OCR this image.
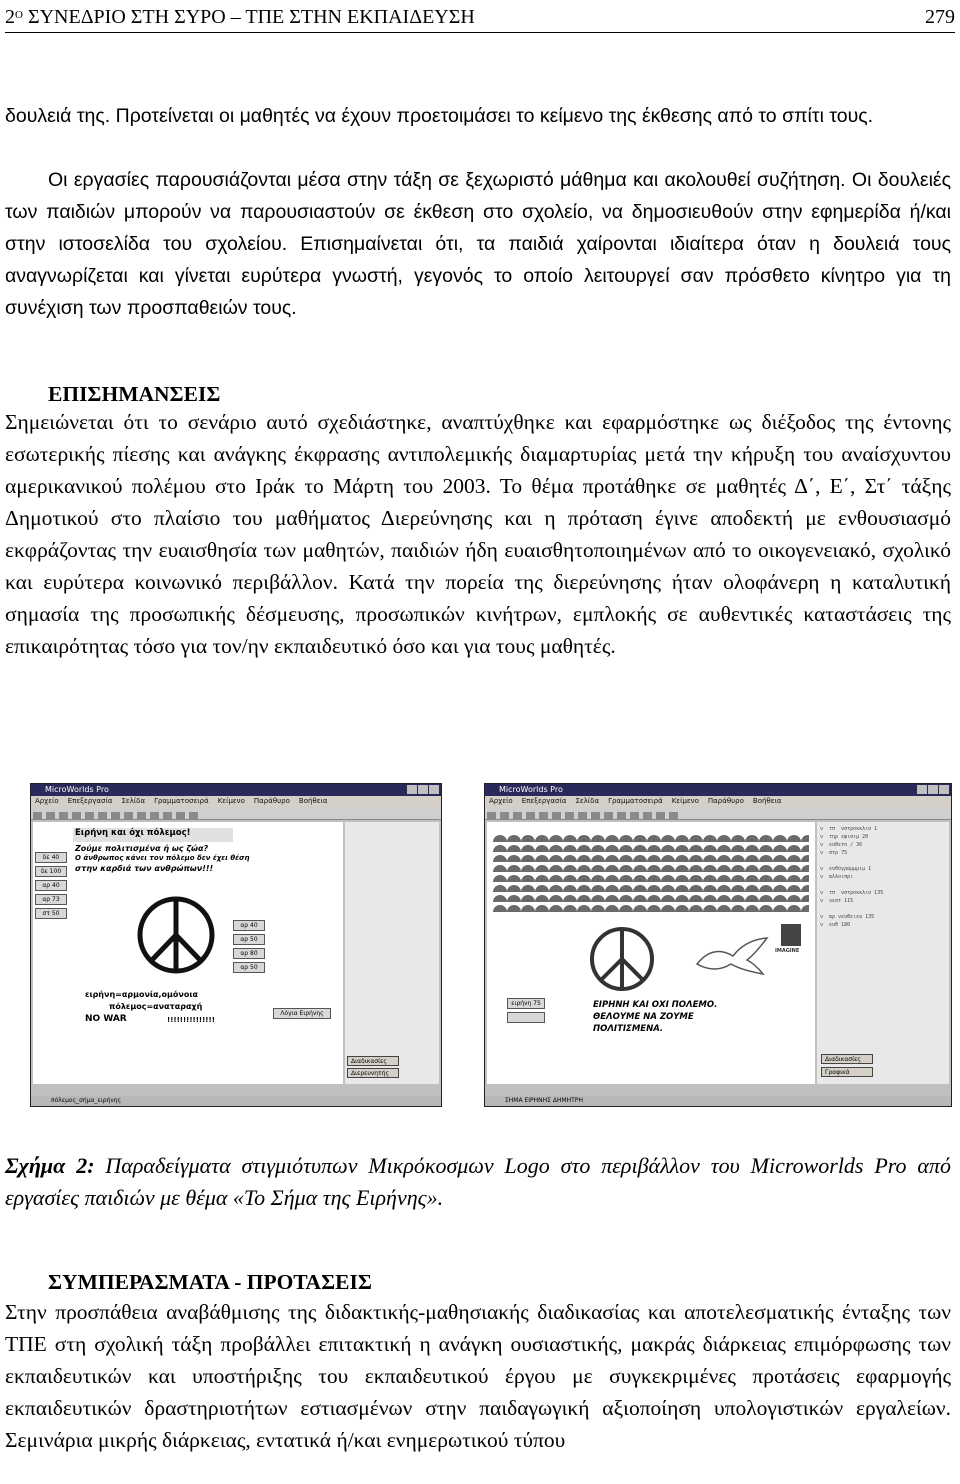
$2^O$ ΣΥΝΕΔΡΙΟ ΣΤΗ ΣΥΡΟ – ΤΠΕ ΣΤΗΝ ΕΚΠΑΙΔΕΥΣΗ	279

δουλειά της. Προτείνεται οι μαθητές να έχουν προετοιμάσει το κείμενο της έκθεσης από το σπίτι τους.

Οι εργασίες παρουσιάζονται μέσα στην τάξη σε ξεχωριστό μάθημα και ακολουθεί συζήτηση. Οι δουλειές των παιδιών μπορούν να παρουσιαστούν σε έκθεση στο σχολείο, να δημοσιευθούν στην εφημερίδα ή/και στην ιστοσελίδα του σχολείου. Επισημαίνεται ότι, τα παιδιά χαίρονται ιδιαίτερα όταν η δουλειά τους αναγνωρίζεται και γίνεται ευρύτερα γνωστή, γεγονός το οποίο λειτουργεί σαν πρόσθετο κίνητρο για τη συνέχιση των προσπαθειών τους.

ΕΠΙΣΗΜΑΝΣΕΙΣ

Σημειώνεται ότι το σενάριο αυτό σχεδιάστηκε, αναπτύχθηκε και εφαρμόστηκε ως διέξοδος της έντονης εσωτερικής πίεσης και ανάγκης έκφρασης αντιπολεμικής διαμαρτυρίας μετά την κήρυξη του αναίσχυντου αμερικανικού πολέμου στο Ιράκ το Μάρτη του 2003. Το θέμα προτάθηκε σε μαθητές Δ΄, Ε΄, Στ΄ τάξης Δημοτικού στο πλαίσιο του μαθήματος Διερεύνησης και η πρόταση έγινε αποδεκτή με ενθουσιασμό εκφράζοντας την ευαισθησία των μαθητών, παιδιών ήδη ευαισθητοποιημένων από το οικογενειακό, σχολικό και ευρύτερα κοινωνικό περιβάλλον. Κατά την πορεία της διερεύνησης ήταν ολοφάνερη η καταλυτική σημασία της προσωπικής δέσμευσης, προσωπικών κινήτρων, εμπλοκής σε αυθεντικές καταστάσεις της επικαιρότητας τόσο για τον/ην εκπαιδευτικό όσο και για τους μαθητές.

MicroWorlds Pro
Αρχείο Επεξεργασία Σελίδα Γραμματοσειρά Κείμενο Παράθυρο Βοήθεια
Ειρήνη και όχι πόλεμος!
Ζούμε πολιτισμένα ή ως ζώα?
Ο άνθρωπος κάνει τον πόλεμο δεν έχει θέση
στην καρδιά των ανθρώπων!!!
ειρήνη=αρμονία,ομόνοια
πόλεμος=αναταραχή
NO WAR	!!!!!!!!!!!!!!!
δε 40
δε 100
αρ 40
αρ 73
στ 50
αρ 40
αρ 50
αρ 80
αρ 50
Λόγια Ειρήνης
Διαδικασίες
Διερευνητής
πόλεμος_σήμα_ειρήνης
MicroWorlds Pro
Αρχείο Επεξεργασία Σελίδα Γραμματοσειρά Κείμενο Παράθυρο Βοήθεια
ειρήνη 75	ΕΙΡΗΝΗ ΚΑΙ ΟΧΙ ΠΟΛΕΜΟ.
ΘΕΛΟΥΜΕ ΝΑ ΖΟΥΜΕ
ΠΟΛΙΤΙΣΜΕΝΑ.
IMAGINE
ν  τπ  νστροκκλιο 1
ν  τηρ εφισιμ 20
ν  ευθετο / 36
ν  στρ 75

ν  ευθύγραμμμιμ 1
ν  αλλοιπρι

ν  τπ  νστροκκλιο 135
ν  νεστ 115

ν  αρ νευθειευ 135
ν  ευθ 180
Διαδικασίες
Γραφικά
ΣΗΜΑ ΕΙΡΗΝΗΣ ΔΗΜΗΤΡΗ

Σχήμα 2: Παραδείγματα στιγμιότυπων Μικρόκοσμων Logo στο περιβάλλον του Microworlds Pro από εργασίες παιδιών με θέμα «Το Σήμα της Ειρήνης».

ΣΥΜΠΕΡΑΣΜΑΤΑ - ΠΡΟΤΑΣΕΙΣ

Στην προσπάθεια αναβάθμισης της διδακτικής-μαθησιακής διαδικασίας και αποτελεσματικής ένταξης των ΤΠΕ στη σχολική τάξη προβάλλει επιτακτική η ανάγκη ουσιαστικής, μακράς διάρκειας επιμόρφωσης των εκπαιδευτικών και υποστήριξης του εκπαιδευτικού έργου με συγκεκριμένες προτάσεις εφαρμογής εκπαιδευτικών δραστηριοτήτων εστιασμένων στην παιδαγωγική αξιοποίηση υπολογιστικών εργαλείων. Σεμινάρια μικρής διάρκειας, εντατικά ή/και ενημερωτικού τύπου
